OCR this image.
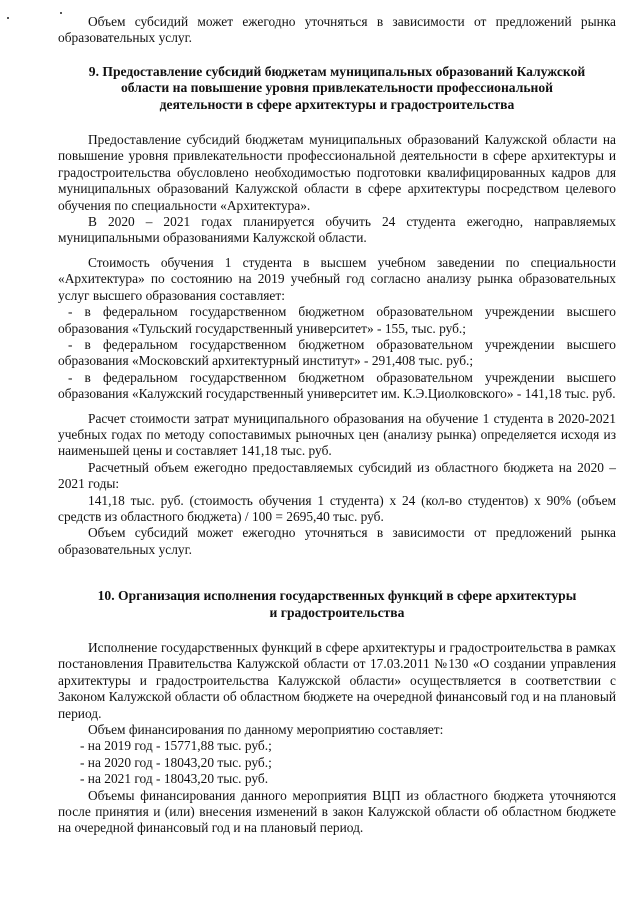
Объем субсидий может ежегодно уточняться в зависимости от предложений рынка образовательных услуг.

9. Предоставление субсидий бюджетам муниципальных образований Калужской

области на повышение уровня привлекательности профессиональной

деятельности в сфере архитектуры и градостроительства

Предоставление субсидий бюджетам муниципальных образований Калужской области на повышение уровня привлекательности профессиональной деятельности в сфере архитектуры и градостроительства обусловлено необходимостью подготовки квалифицированных кадров для муниципальных образований Калужской области в сфере архитектуры посредством целевого обучения по специальности «Архитектура».

В 2020 – 2021 годах планируется обучить 24 студента ежегодно, направляемых муниципальными образованиями Калужской области.

Стоимость обучения 1 студента в высшем учебном заведении по специальности «Архитектура» по состоянию на 2019 учебный год согласно анализу рынка образовательных услуг высшего образования составляет:

- в федеральном государственном бюджетном образовательном учреждении высшего образования «Тульский государственный университет» - 155, тыс. руб.;

- в федеральном государственном бюджетном образовательном учреждении высшего образования «Московский архитектурный институт» - 291,408 тыс. руб.;

- в федеральном государственном бюджетном образовательном учреждении высшего образования «Калужский государственный университет им. К.Э.Циолковского» - 141,18 тыс. руб.

Расчет стоимости затрат муниципального образования на обучение 1 студента в 2020-2021 учебных годах по методу сопоставимых рыночных цен (анализу рынка) определяется исходя из наименьшей цены и составляет 141,18 тыс. руб.

Расчетный объем ежегодно предоставляемых субсидий из областного бюджета на 2020 – 2021 годы:

141,18 тыс. руб. (стоимость обучения 1 студента) х 24 (кол-во студентов) х 90% (объем средств из областного бюджета) / 100 = 2695,40 тыс. руб.

Объем субсидий может ежегодно уточняться в зависимости от предложений рынка образовательных услуг.

10. Организация исполнения государственных функций в сфере архитектуры

и градостроительства

Исполнение государственных функций в сфере архитектуры и градостроительства в рамках постановления Правительства Калужской области от 17.03.2011 №130 «О создании управления архитектуры и градостроительства Калужской области» осуществляется в соответствии с Законом Калужской области об областном бюджете на очередной финансовый год и на плановый период.

Объем финансирования по данному мероприятию составляет:

- на 2019 год - 15771,88 тыс. руб.;

- на 2020 год - 18043,20 тыс. руб.;

- на 2021 год - 18043,20 тыс. руб.

Объемы финансирования данного мероприятия ВЦП из областного бюджета уточняются после принятия и (или) внесения изменений в закон Калужской области об областном бюджете на очередной финансовый год и на плановый период.
